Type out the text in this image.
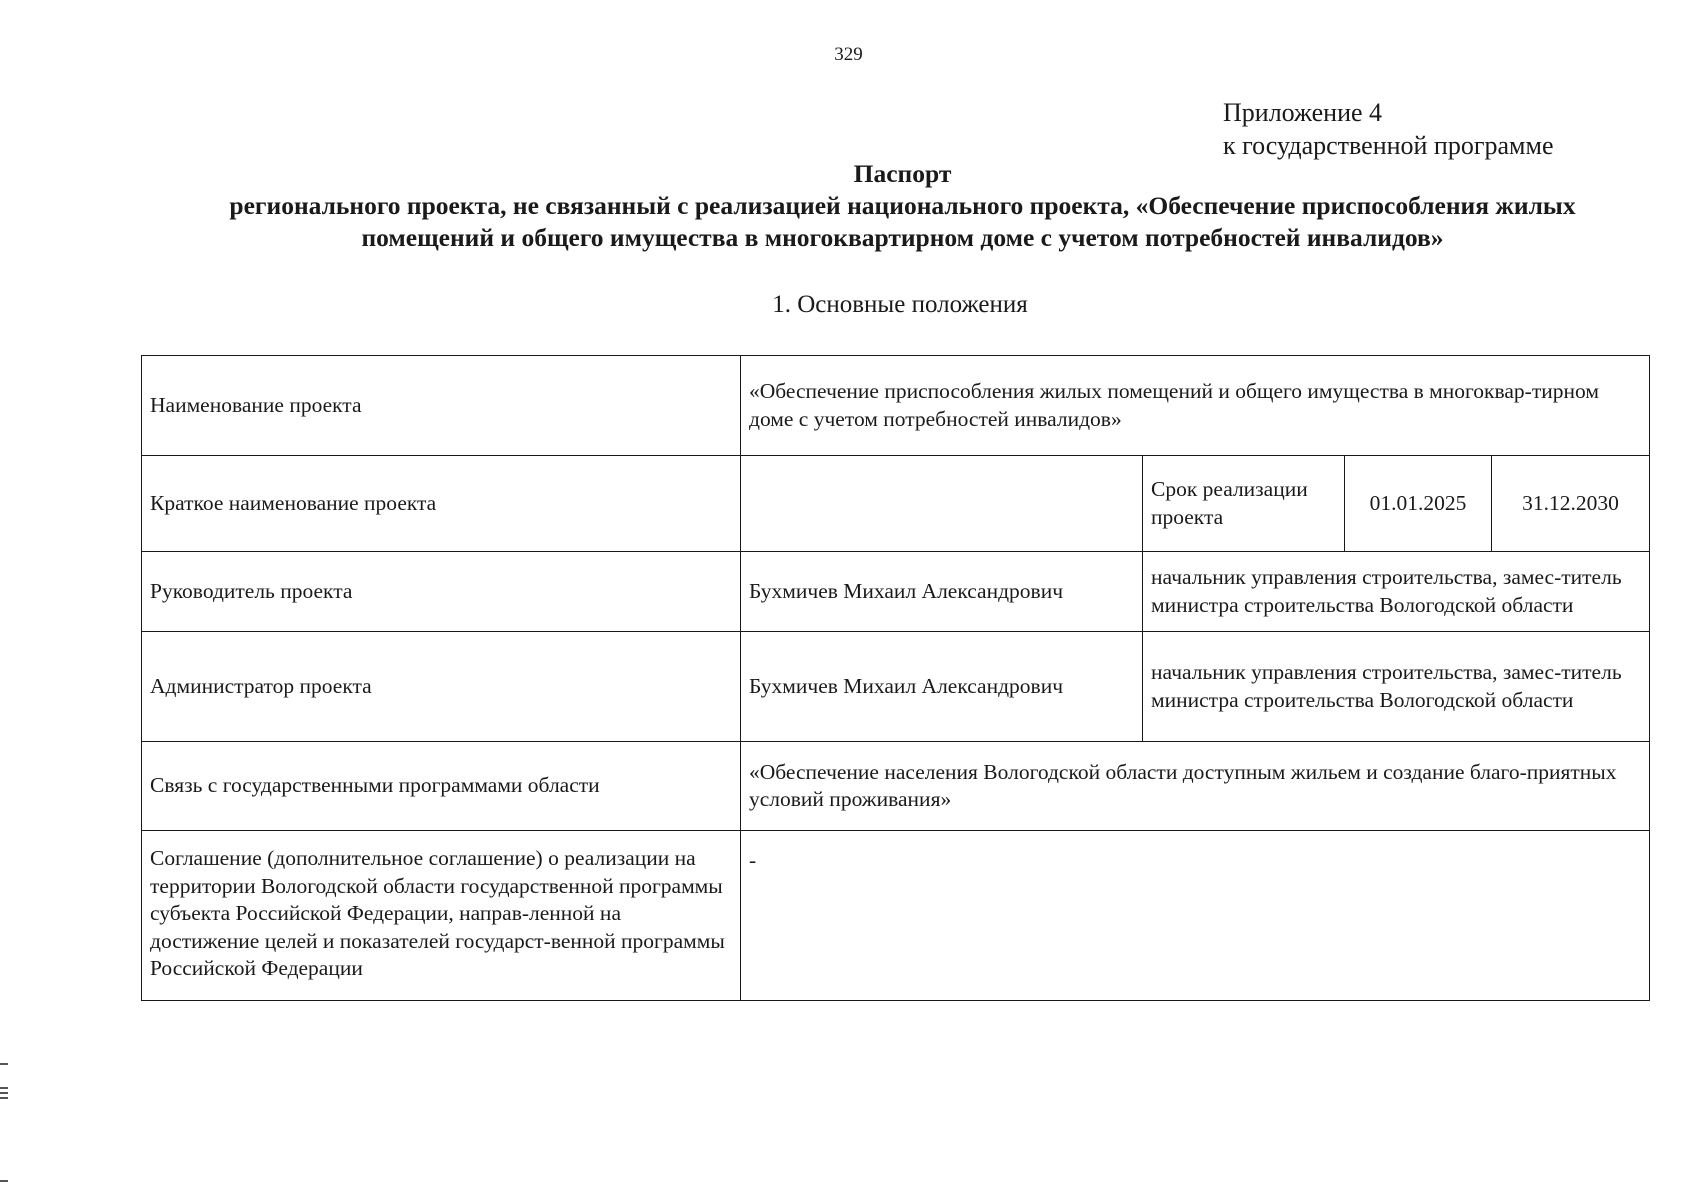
329
Приложение 4
к государственной программе
Паспорт
регионального проекта, не связанный с реализацией национального проекта, «Обеспечение приспособления жилых
помещений и общего имущества в многоквартирном доме с учетом потребностей инвалидов»
1. Основные положения
Наименование проекта	«Обеспечение приспособления жилых помещений и общего имущества в многоквар-тирном доме с учетом потребностей инвалидов»			
Краткое наименование проекта		Срок реализации проекта	01.01.2025	31.12.2030
Руководитель проекта	Бухмичев Михаил Александрович	начальник управления строительства, замес-титель министра строительства Вологодской области		
Администратор проекта	Бухмичев Михаил Александрович	начальник управления строительства, замес-титель министра строительства Вологодской области		
Связь с государственными программами области	«Обеспечение населения Вологодской области доступным жильем и создание благо-приятных условий проживания»			
Соглашение (дополнительное соглашение) о реализации на территории Вологодской области государственной программы субъекта Российской Федерации, направ-ленной на достижение целей и показателей государст-венной программы Российской Федерации	-			
